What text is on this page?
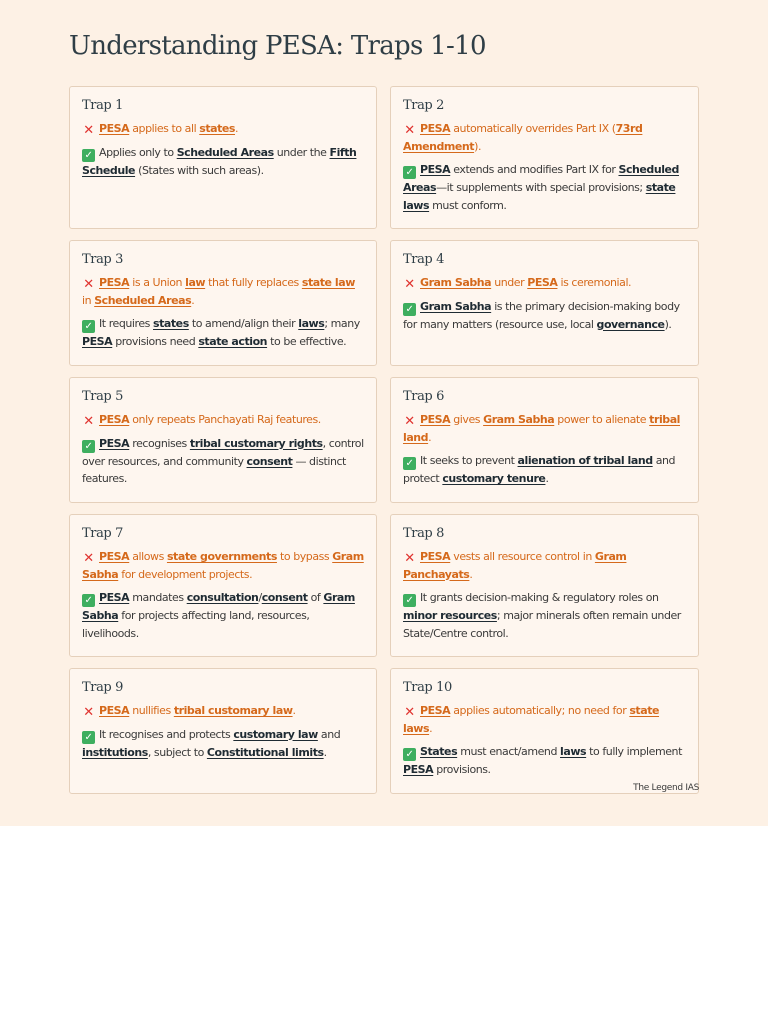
Understanding PESA: Traps 1-10
Trap 1

✕ PESA applies to all states.

✓ Applies only to Scheduled Areas under the Fifth Schedule (States with such areas).

Trap 2

✕ PESA automatically overrides Part IX (73rd Amendment).

✓ PESA extends and modifies Part IX for Scheduled Areas—it supplements with special provisions; state laws must conform.

Trap 3

✕ PESA is a Union law that fully replaces state law in Scheduled Areas.

✓ It requires states to amend/align their laws; many PESA provisions need state action to be effective.

Trap 4

✕ Gram Sabha under PESA is ceremonial.

✓ Gram Sabha is the primary decision-making body for many matters (resource use, local governance).

Trap 5

✕ PESA only repeats Panchayati Raj features.

✓ PESA recognises tribal customary rights, control over resources, and community consent — distinct features.

Trap 6

✕ PESA gives Gram Sabha power to alienate tribal land.

✓ It seeks to prevent alienation of tribal land and protect customary tenure.

Trap 7

✕ PESA allows state governments to bypass Gram Sabha for development projects.

✓ PESA mandates consultation/consent of Gram Sabha for projects affecting land, resources, livelihoods.

Trap 8

✕ PESA vests all resource control in Gram Panchayats.

✓ It grants decision-making & regulatory roles on minor resources; major minerals often remain under State/Centre control.

Trap 9

✕ PESA nullifies tribal customary law.

✓ It recognises and protects customary law and institutions, subject to Constitutional limits.

Trap 10

✕ PESA applies automatically; no need for state laws.

✓ States must enact/amend laws to fully implement PESA provisions.

The Legend IAS
